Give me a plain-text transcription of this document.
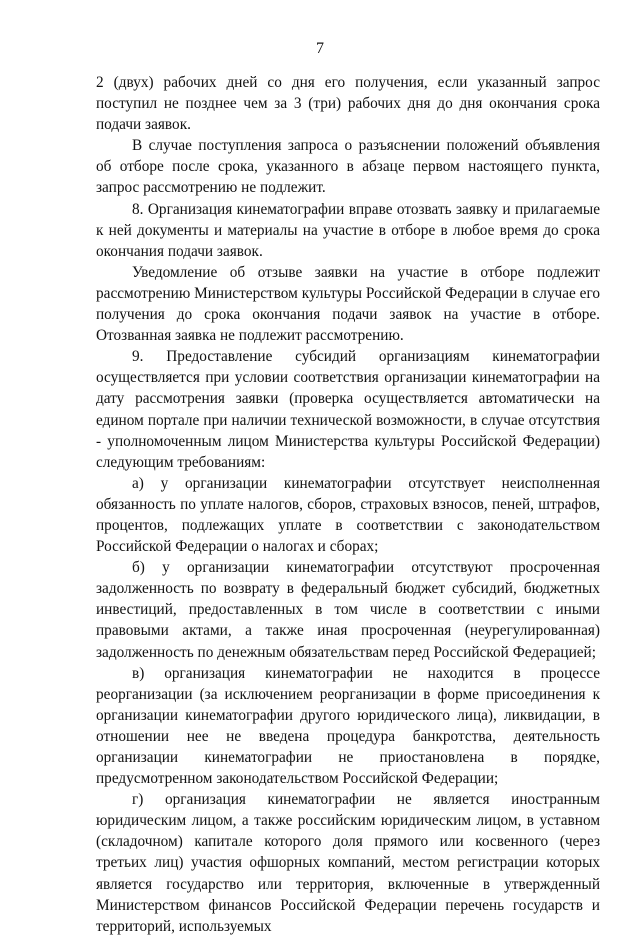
7

2 (двух) рабочих дней со дня его получения, если указанный запрос поступил не позднее чем за 3 (три) рабочих дня до дня окончания срока подачи заявок.

В случае поступления запроса о разъяснении положений объявления об отборе после срока, указанного в абзаце первом настоящего пункта, запрос рассмотрению не подлежит.

8. Организация кинематографии вправе отозвать заявку и прилагаемые к ней документы и материалы на участие в отборе в любое время до срока окончания подачи заявок.

Уведомление об отзыве заявки на участие в отборе подлежит рассмотрению Министерством культуры Российской Федерации в случае его получения до срока окончания подачи заявок на участие в отборе. Отозванная заявка не подлежит рассмотрению.

9. Предоставление субсидий организациям кинематографии осуществляется при условии соответствия организации кинематографии на дату рассмотрения заявки (проверка осуществляется автоматически на едином портале при наличии технической возможности, в случае отсутствия - уполномоченным лицом Министерства культуры Российской Федерации) следующим требованиям:

а) у организации кинематографии отсутствует неисполненная обязанность по уплате налогов, сборов, страховых взносов, пеней, штрафов, процентов, подлежащих уплате в соответствии с законодательством Российской Федерации о налогах и сборах;

б) у организации кинематографии отсутствуют просроченная задолженность по возврату в федеральный бюджет субсидий, бюджетных инвестиций, предоставленных в том числе в соответствии с иными правовыми актами, а также иная просроченная (неурегулированная) задолженность по денежным обязательствам перед Российской Федерацией;

в) организация кинематографии не находится в процессе реорганизации (за исключением реорганизации в форме присоединения к организации кинематографии другого юридического лица), ликвидации, в отношении нее не введена процедура банкротства, деятельность организации кинематографии не приостановлена в порядке, предусмотренном законодательством Российской Федерации;

г) организация кинематографии не является иностранным юридическим лицом, а также российским юридическим лицом, в уставном (складочном) капитале которого доля прямого или косвенного (через третьих лиц) участия офшорных компаний, местом регистрации которых является государство или территория, включенные в утвержденный Министерством финансов Российской Федерации перечень государств и территорий, используемых
